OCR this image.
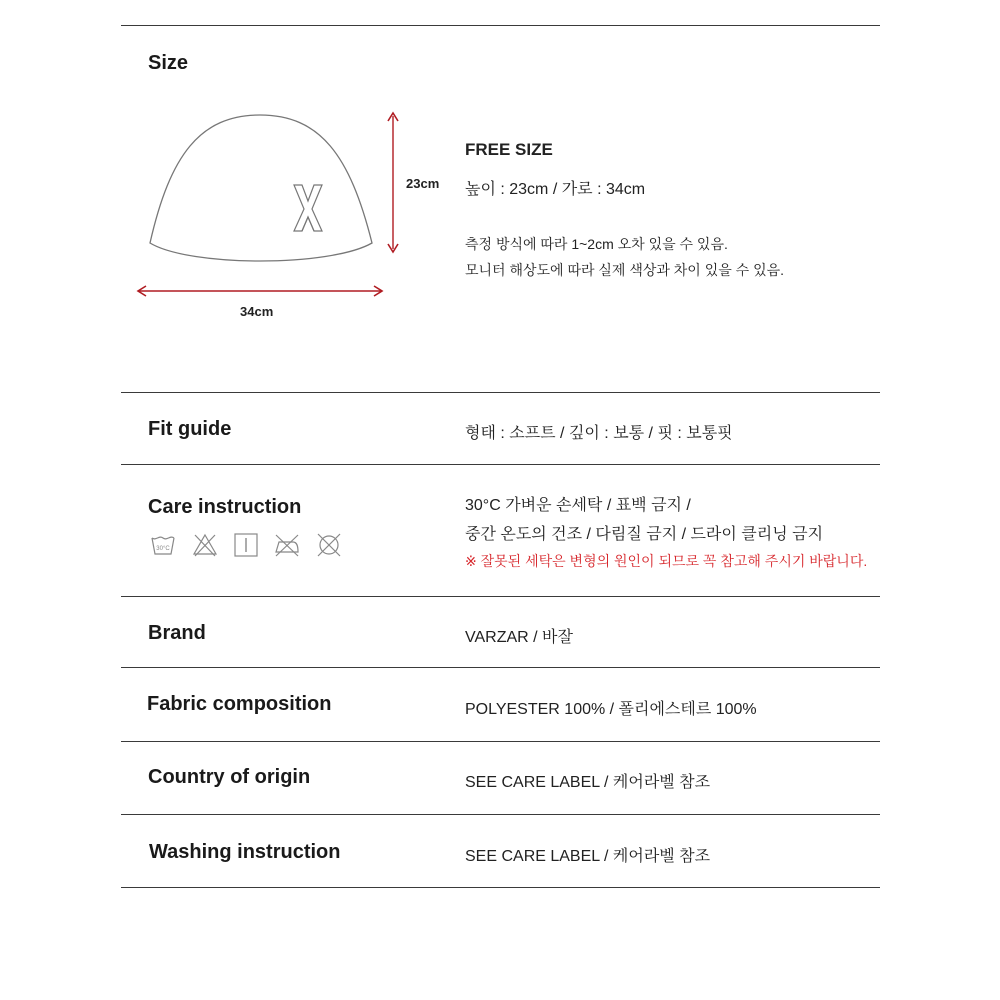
Size
23cm
34cm
FREE SIZE
높이 : 23cm / 가로 : 34cm
측정 방식에 따라 1~2cm 오차 있을 수 있음.
모니터 해상도에 따라 실제 색상과 차이 있을 수 있음.
Fit guide	형태 : 소프트 / 깊이 : 보통 / 핏 : 보통핏
Care instruction	30°C 가벼운 손세탁 / 표백 금지 /
중간 온도의 건조 / 다림질 금지 / 드라이 클리닝 금지
※ 잘못된 세탁은 변형의 원인이 되므로 꼭 참고해 주시기 바랍니다.
30°C
Brand	VARZAR / 바잘
Fabric composition	POLYESTER 100% / 폴리에스테르 100%
Country of origin	SEE CARE LABEL / 케어라벨 참조
Washing instruction	SEE CARE LABEL / 케어라벨 참조
